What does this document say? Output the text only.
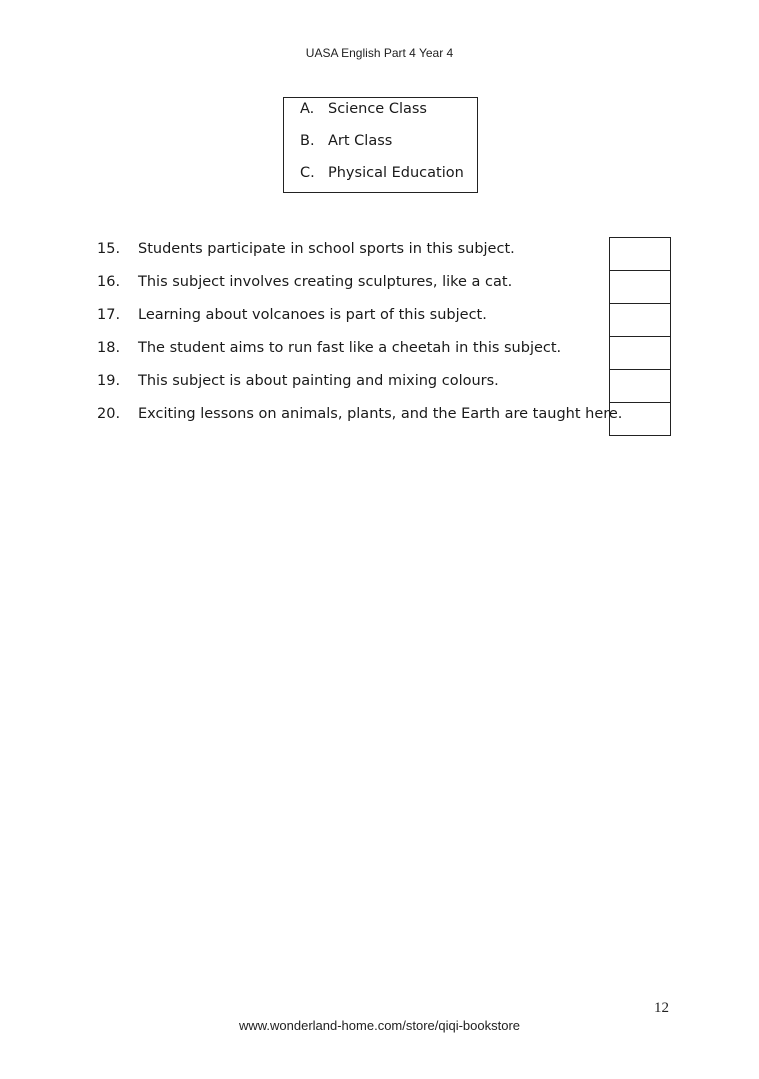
UASA English Part 4 Year 4
A. Science Class
B. Art Class
C. Physical Education
15. Students participate in school sports in this subject.
16. This subject involves creating sculptures, like a cat.
17. Learning about volcanoes is part of this subject.
18. The student aims to run fast like a cheetah in this subject.
19. This subject is about painting and mixing colours.
20. Exciting lessons on animals, plants, and the Earth are taught here.
12
www.wonderland-home.com/store/qiqi-bookstore
